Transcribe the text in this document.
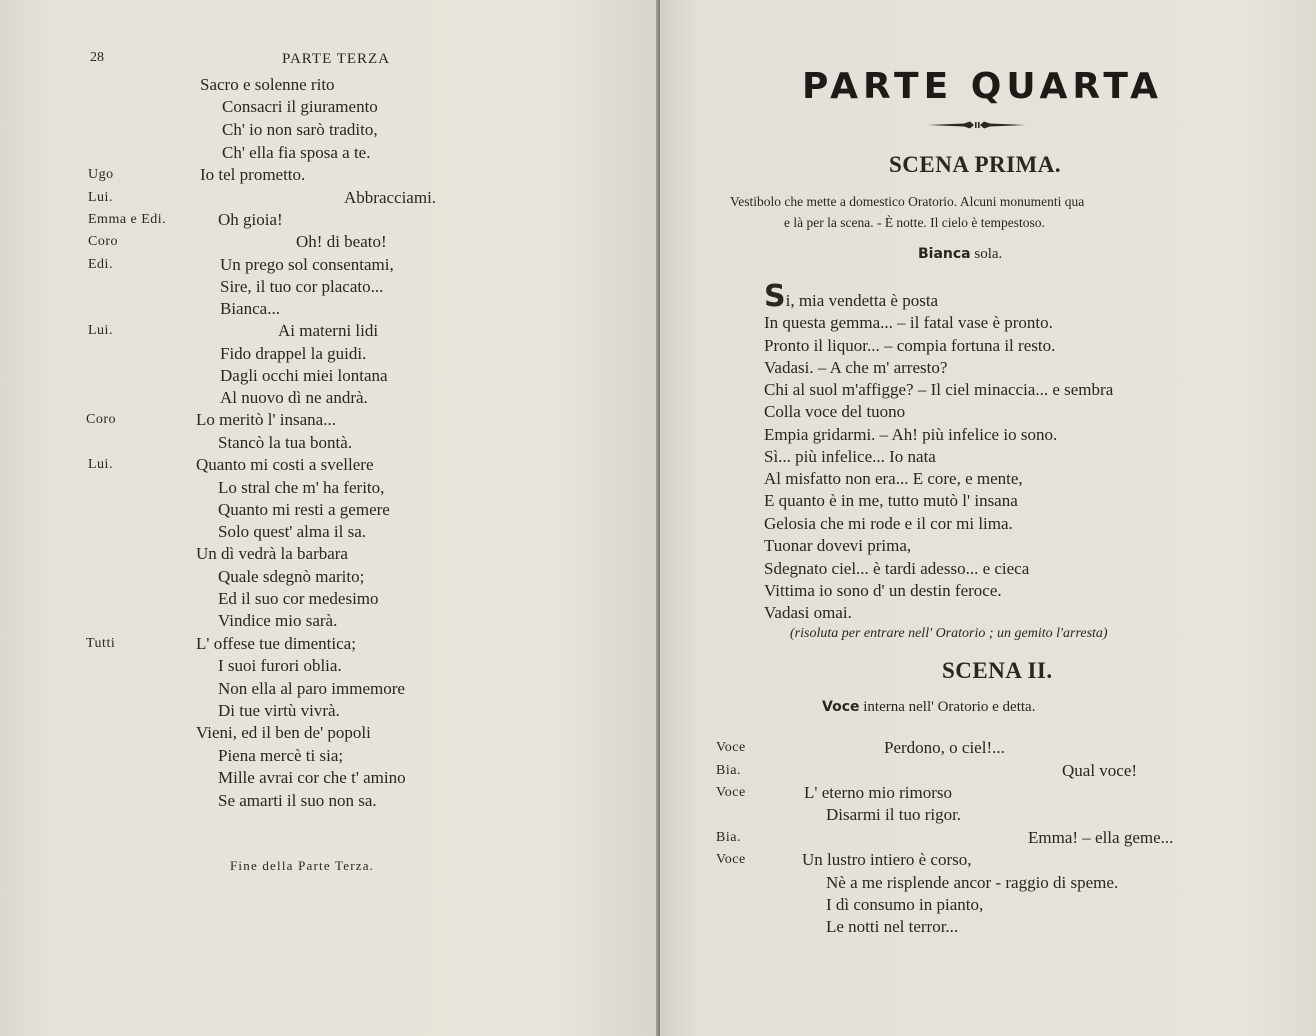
28	PARTE TERZA
Sacro e solenne rito
Consacri il giuramento
Ch' io non sarò tradito,
Ch' ella fia sposa a te.
Ugo	Io tel prometto.
Lui.	Abbracciami.
Emma e Edi.	Oh gioia!
Coro	Oh! di beato!
Edi.	Un prego sol consentami,
Sire, il tuo cor placato...
Bianca...
Lui.	Ai materni lidi
Fido drappel la guidi.
Dagli occhi miei lontana
Al nuovo dì ne andrà.
Coro	Lo meritò l' insana...
Stancò la tua bontà.
Lui.	Quanto mi costi a svellere
Lo stral che m' ha ferito,
Quanto mi resti a gemere
Solo quest' alma il sa.
Un dì vedrà la barbara
Quale sdegnò marito;
Ed il suo cor medesimo
Vindice mio sarà.
Tutti	L' offese tue dimentica;
I suoi furori oblia.
Non ella al paro immemore
Di tue virtù vivrà.
Vieni, ed il ben de' popoli
Piena mercè ti sia;
Mille avrai cor che t' amino
Se amarti il suo non sa.
Fine della Parte Terza.
PARTE QUARTA
SCENA PRIMA.
Vestibolo che mette a domestico Oratorio. Alcuni monumenti qua
e là per la scena. - È notte. Il cielo è tempestoso.
Bianca sola.
Si, mia vendetta è posta
In questa gemma... – il fatal vase è pronto.
Pronto il liquor... – compia fortuna il resto.
Vadasi. – A che m' arresto?
Chi al suol m'affigge? – Il ciel minaccia... e sembra
Colla voce del tuono
Empia gridarmi. – Ah! più infelice io sono.
Sì... più infelice... Io nata
Al misfatto non era... E core, e mente,
E quanto è in me, tutto mutò l' insana
Gelosia che mi rode e il cor mi lima.
Tuonar dovevi prima,
Sdegnato ciel... è tardi adesso... e cieca
Vittima io sono d' un destin feroce.
Vadasi omai.
(risoluta per entrare nell' Oratorio ; un gemito l'arresta)
SCENA II.
Voce interna nell' Oratorio e detta.
Voce	Perdono, o ciel!...
Bia.	Qual voce!
Voce	L' eterno mio rimorso
Disarmi il tuo rigor.
Bia.	Emma! – ella geme...
Voce	Un lustro intiero è corso,
Nè a me risplende ancor - raggio di speme.
I dì consumo in pianto,
Le notti nel terror...
